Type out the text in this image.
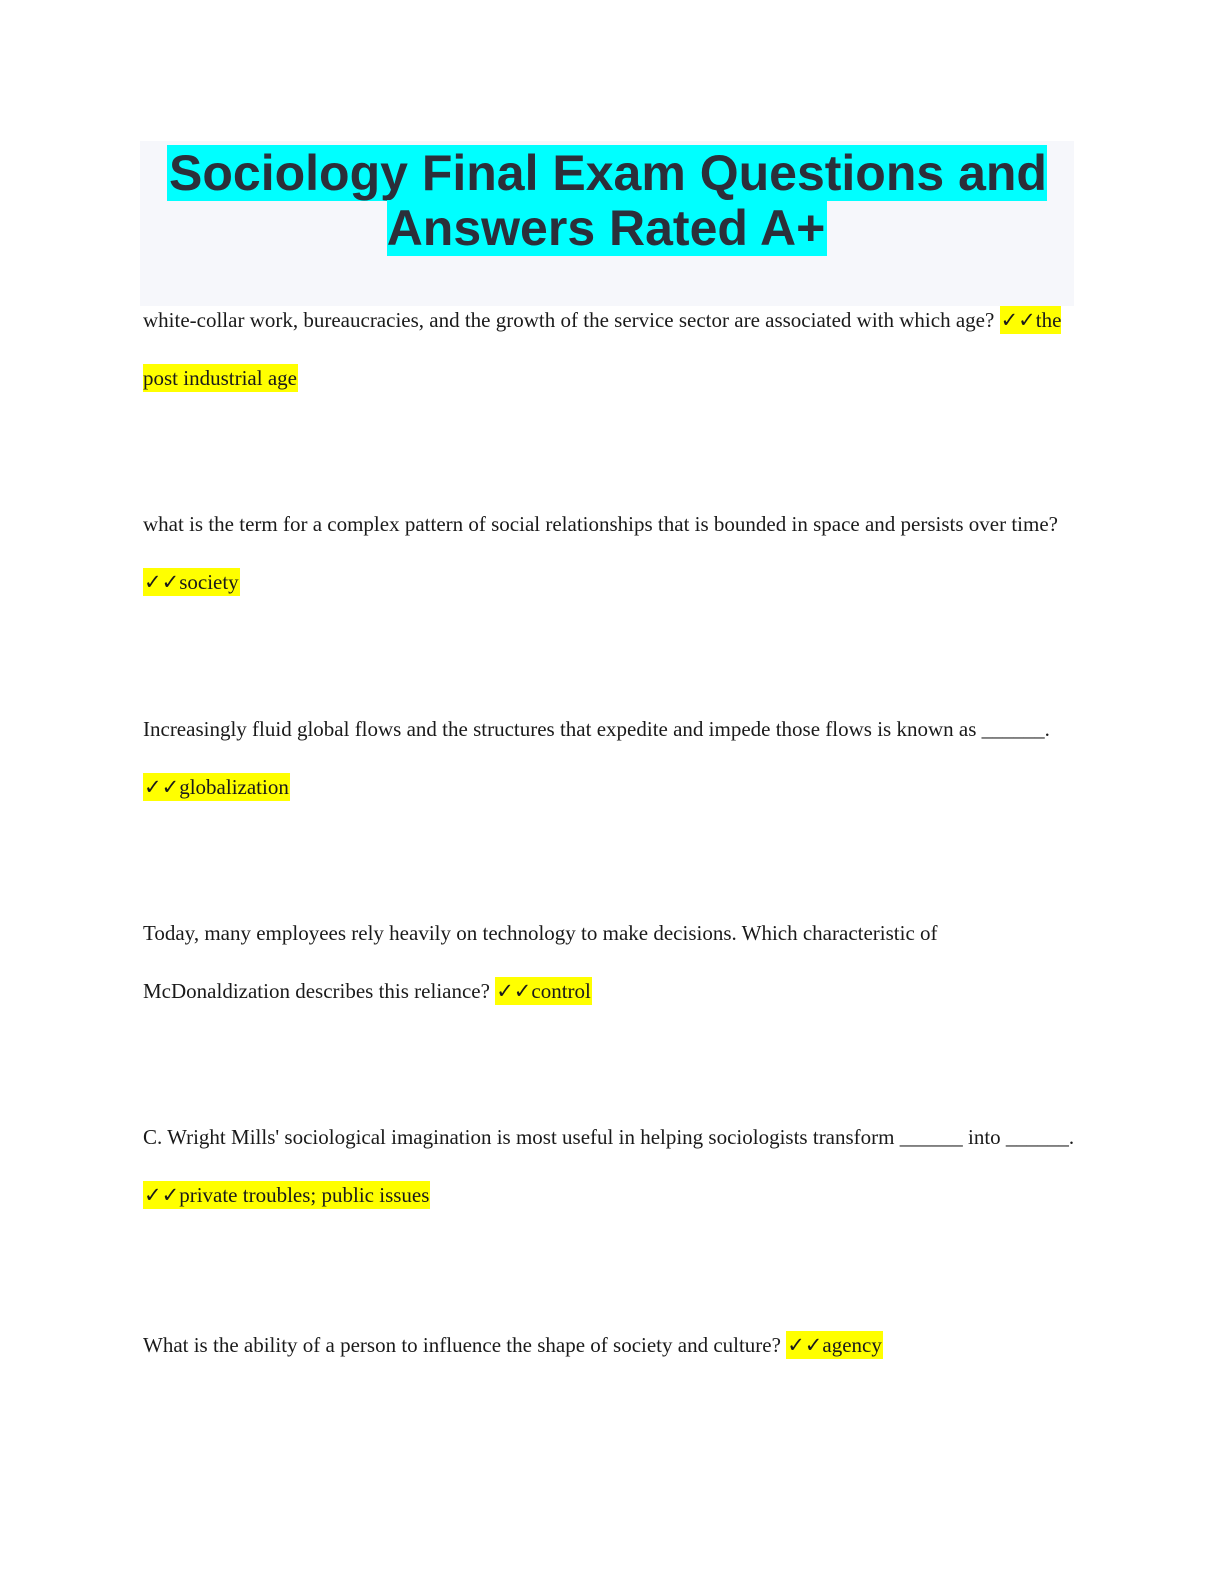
Sociology Final Exam Questions and Answers Rated A+

white-collar work, bureaucracies, and the growth of the service sector are associated with which age? ✓✓the post industrial age

what is the term for a complex pattern of social relationships that is bounded in space and persists over time? ✓✓society

Increasingly fluid global flows and the structures that expedite and impede those flows is known as ______. ✓✓globalization

Today, many employees rely heavily on technology to make decisions. Which characteristic of McDonaldization describes this reliance? ✓✓control

C. Wright Mills' sociological imagination is most useful in helping sociologists transform ______ into ______. ✓✓private troubles; public issues

What is the ability of a person to influence the shape of society and culture? ✓✓agency
